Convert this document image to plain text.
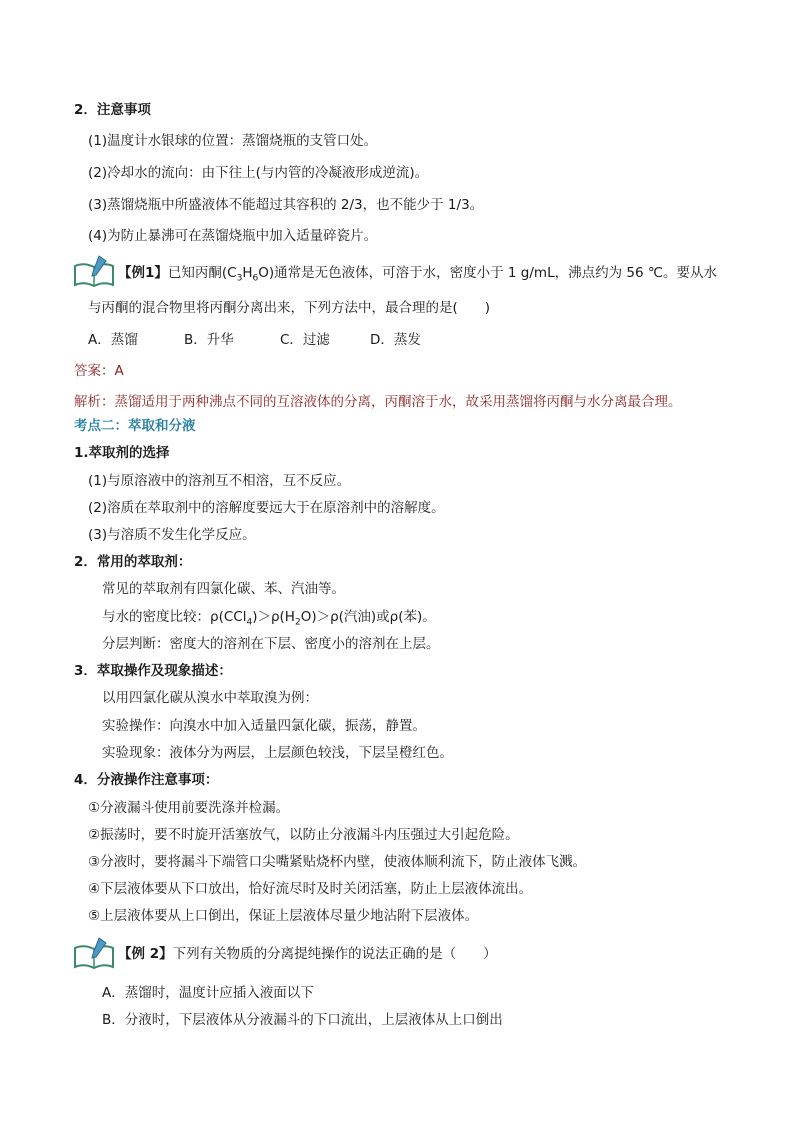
2．注意事项
(1)温度计水银球的位置：蒸馏烧瓶的支管口处。
(2)冷却水的流向：由下往上(与内管的冷凝液形成逆流)。
(3)蒸馏烧瓶中所盛液体不能超过其容积的 2/3，也不能少于 1/3。
(4)为防止暴沸可在蒸馏烧瓶中加入适量碎瓷片。
【例1】已知丙酮$(C_3H_6O)$通常是无色液体，可溶于水，密度小于 1 g/mL，沸点约为 56 ℃。要从水
与丙酮的混合物里将丙酮分离出来，下列方法中，最合理的是(　　)
A．蒸馏	B．升华	C．过滤	D．蒸发
答案：A
解析：蒸馏适用于两种沸点不同的互溶液体的分离，丙酮溶于水，故采用蒸馏将丙酮与水分离最合理。
考点二：萃取和分液
1.萃取剂的选择
(1)与原溶液中的溶剂互不相溶，互不反应。
(2)溶质在萃取剂中的溶解度要远大于在原溶剂中的溶解度。
(3)与溶质不发生化学反应。
2．常用的萃取剂：
常见的萃取剂有四氯化碳、苯、汽油等。
与水的密度比较：$\rho(CCl_4)>\rho(H_2O)>\rho$(汽油)或ρ(苯)。
分层判断：密度大的溶剂在下层、密度小的溶剂在上层。
3．萃取操作及现象描述：
以用四氯化碳从溴水中萃取溴为例：
实验操作：向溴水中加入适量四氯化碳，振荡，静置。
实验现象：液体分为两层，上层颜色较浅，下层呈橙红色。
4．分液操作注意事项：
①分液漏斗使用前要洗涤并检漏。
②振荡时，要不时旋开活塞放气，以防止分液漏斗内压强过大引起危险。
③分液时，要将漏斗下端管口尖嘴紧贴烧杯内壁，使液体顺利流下，防止液体飞溅。
④下层液体要从下口放出，恰好流尽时及时关闭活塞，防止上层液体流出。
⑤上层液体要从上口倒出，保证上层液体尽量少地沾附下层液体。
【例 2】下列有关物质的分离提纯操作的说法正确的是（　　）
A．蒸馏时，温度计应插入液面以下
B．分液时，下层液体从分液漏斗的下口流出，上层液体从上口倒出
